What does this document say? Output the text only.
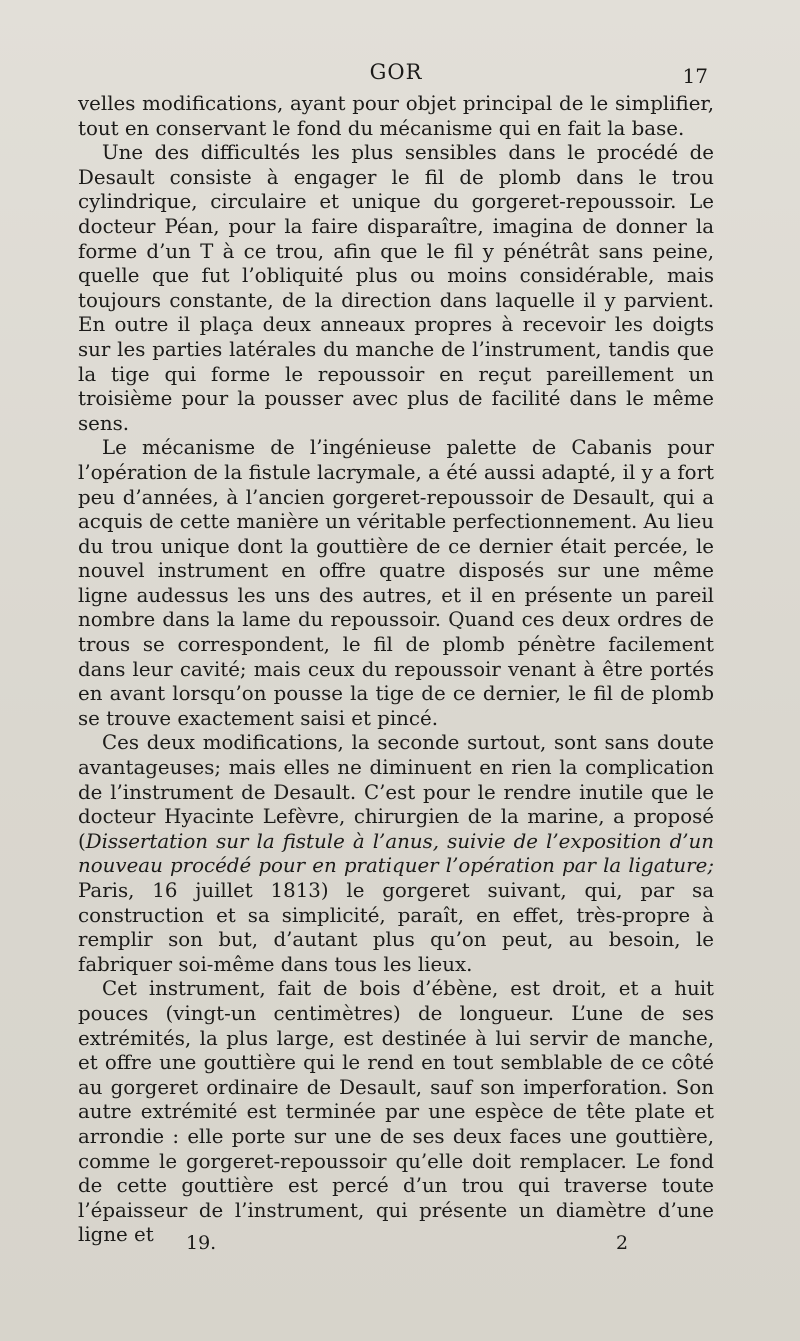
GOR	17

velles modifications, ayant pour objet principal de le simplifier, tout en conservant le fond du mécanisme qui en fait la base.

Une des difficultés les plus sensibles dans le procédé de Desault consiste à engager le fil de plomb dans le trou cylindrique, circulaire et unique du gorgeret-repoussoir. Le docteur Péan, pour la faire disparaître, imagina de donner la forme d’un T à ce trou, afin que le fil y pénétrât sans peine, quelle que fut l’obliquité plus ou moins considérable, mais toujours constante, de la direction dans laquelle il y parvient. En outre il plaça deux anneaux propres à recevoir les doigts sur les parties latérales du manche de l’instrument, tandis que la tige qui forme le repoussoir en reçut pareillement un troisième pour la pousser avec plus de facilité dans le même sens.

Le mécanisme de l’ingénieuse palette de Cabanis pour l’opération de la fistule lacrymale, a été aussi adapté, il y a fort peu d’années, à l’ancien gorgeret-repoussoir de Desault, qui a acquis de cette manière un véritable perfectionnement. Au lieu du trou unique dont la gouttière de ce dernier était percée, le nouvel instrument en offre quatre disposés sur une même ligne audessus les uns des autres, et il en présente un pareil nombre dans la lame du repoussoir. Quand ces deux ordres de trous se correspondent, le fil de plomb pénètre facilement dans leur cavité; mais ceux du repoussoir venant à être portés en avant lorsqu’on pousse la tige de ce dernier, le fil de plomb se trouve exactement saisi et pincé.

Ces deux modifications, la seconde surtout, sont sans doute avantageuses; mais elles ne diminuent en rien la complication de l’instrument de Desault. C’est pour le rendre inutile que le docteur Hyacinte Lefèvre, chirurgien de la marine, a proposé (Dissertation sur la fistule à l’anus, suivie de l’exposition d’un nouveau procédé pour en pratiquer l’opération par la ligature; Paris, 16 juillet 1813) le gorgeret suivant, qui, par sa construction et sa simplicité, paraît, en effet, très-propre à remplir son but, d’autant plus qu’on peut, au besoin, le fabriquer soi-même dans tous les lieux.

Cet instrument, fait de bois d’ébène, est droit, et a huit pouces (vingt-un centimètres) de longueur. L’une de ses extrémités, la plus large, est destinée à lui servir de manche, et offre une gouttière qui le rend en tout semblable de ce côté au gorgeret ordinaire de Desault, sauf son imperforation. Son autre extrémité est terminée par une espèce de tête plate et arrondie : elle porte sur une de ses deux faces une gouttière, comme le gorgeret-repoussoir qu’elle doit remplacer. Le fond de cette gouttière est percé d’un trou qui traverse toute l’épaisseur de l’instrument, qui présente un diamètre d’une ligne et	19.	2
